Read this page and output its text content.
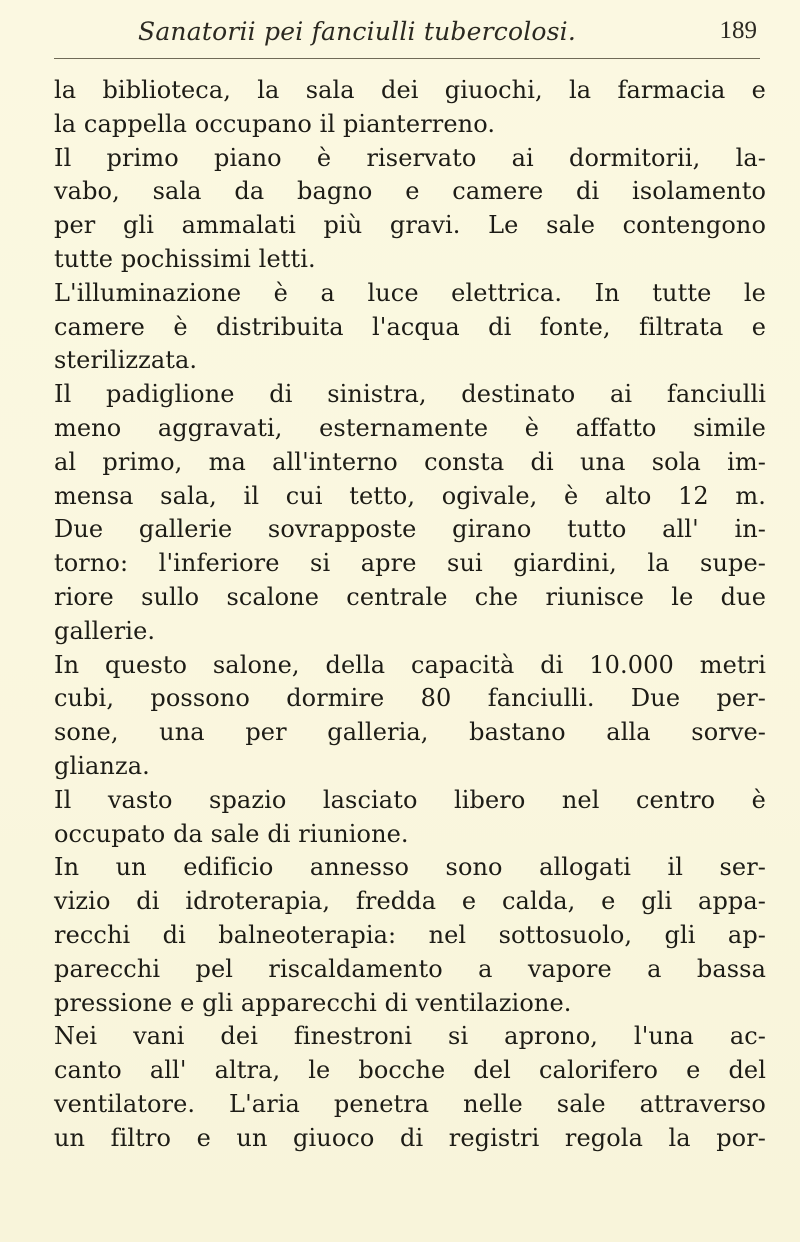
Sanatorii pei fanciulli tubercolosi.	189
la biblioteca, la sala dei giuochi, la farmacia e
la cappella occupano il pianterreno.
Il primo piano è riservato ai dormitorii, la-
vabo, sala da bagno e camere di isolamento
per gli ammalati più gravi. Le sale contengono
tutte pochissimi letti.
L'illuminazione è a luce elettrica. In tutte le
camere è distribuita l'acqua di fonte, filtrata e
sterilizzata.
Il padiglione di sinistra, destinato ai fanciulli
meno aggravati, esternamente è affatto simile
al primo, ma all'interno consta di una sola im-
mensa sala, il cui tetto, ogivale, è alto 12 m.
Due gallerie sovrapposte girano tutto all' in-
torno: l'inferiore si apre sui giardini, la supe-
riore sullo scalone centrale che riunisce le due
gallerie.
In questo salone, della capacità di 10.000 metri
cubi, possono dormire 80 fanciulli. Due per-
sone, una per galleria, bastano alla sorve-
glianza.
Il vasto spazio lasciato libero nel centro è
occupato da sale di riunione.
In un edificio annesso sono allogati il ser-
vizio di idroterapia, fredda e calda, e gli appa-
recchi di balneoterapia: nel sottosuolo, gli ap-
parecchi pel riscaldamento a vapore a bassa
pressione e gli apparecchi di ventilazione.
Nei vani dei finestroni si aprono, l'una ac-
canto all' altra, le bocche del calorifero e del
ventilatore. L'aria penetra nelle sale attraverso
un filtro e un giuoco di registri regola la por-
